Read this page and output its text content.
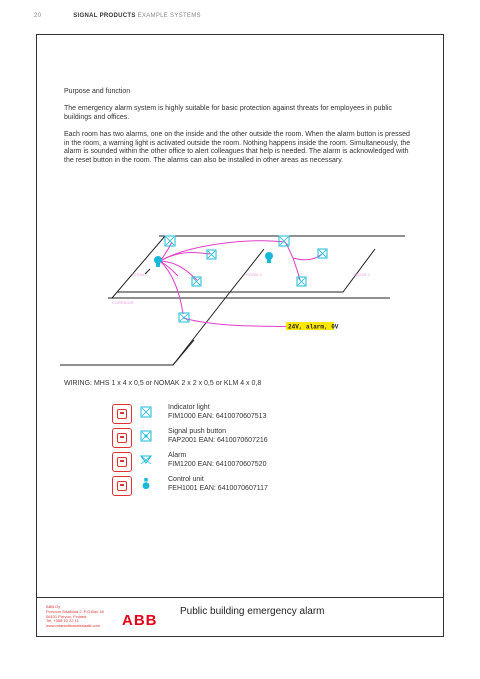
20	SIGNAL PRODUCTS EXAMPLE SYSTEMS
Purpose and function
The emergency alarm system is highly suitable for basic protection against threats for employees in public buildings and offices.
Each room has two alarms, one on the inside and the other outside the room. When the alarm button is pressed in the room, a warning light is activated outside the room. Nothing happens inside the room. Simultaneously, the alarm is sounded within the other office to alert colleagues that help is needed. The alarm is acknowledged with the reset button in the room. The alarms can also be installed in other areas as necessary.
ROOM 1	ROOM 2	ROOM 3
CORRIDOR
24V, alarm, 0V
WIRING: MHS 1 x 4 x 0,5 or NOMAK 2 x 2 x 0,5 or KLM 4 x 0,8
Indicator light
FIM1000 EAN: 6410070607513
Signal push button
FAP2001 EAN: 6410070607216
Alarm
FIM1200 EAN: 6410070607520
Control unit
FEH1001 EAN: 6410070607117
ABB Oy
Porvoon Sisällönä 2, P.O.Box 18
06101 Porvoo, Finland
Tel. +358 10 22 11
www.mtanlattiomateriaalit.com ABB
Public building emergency alarm
